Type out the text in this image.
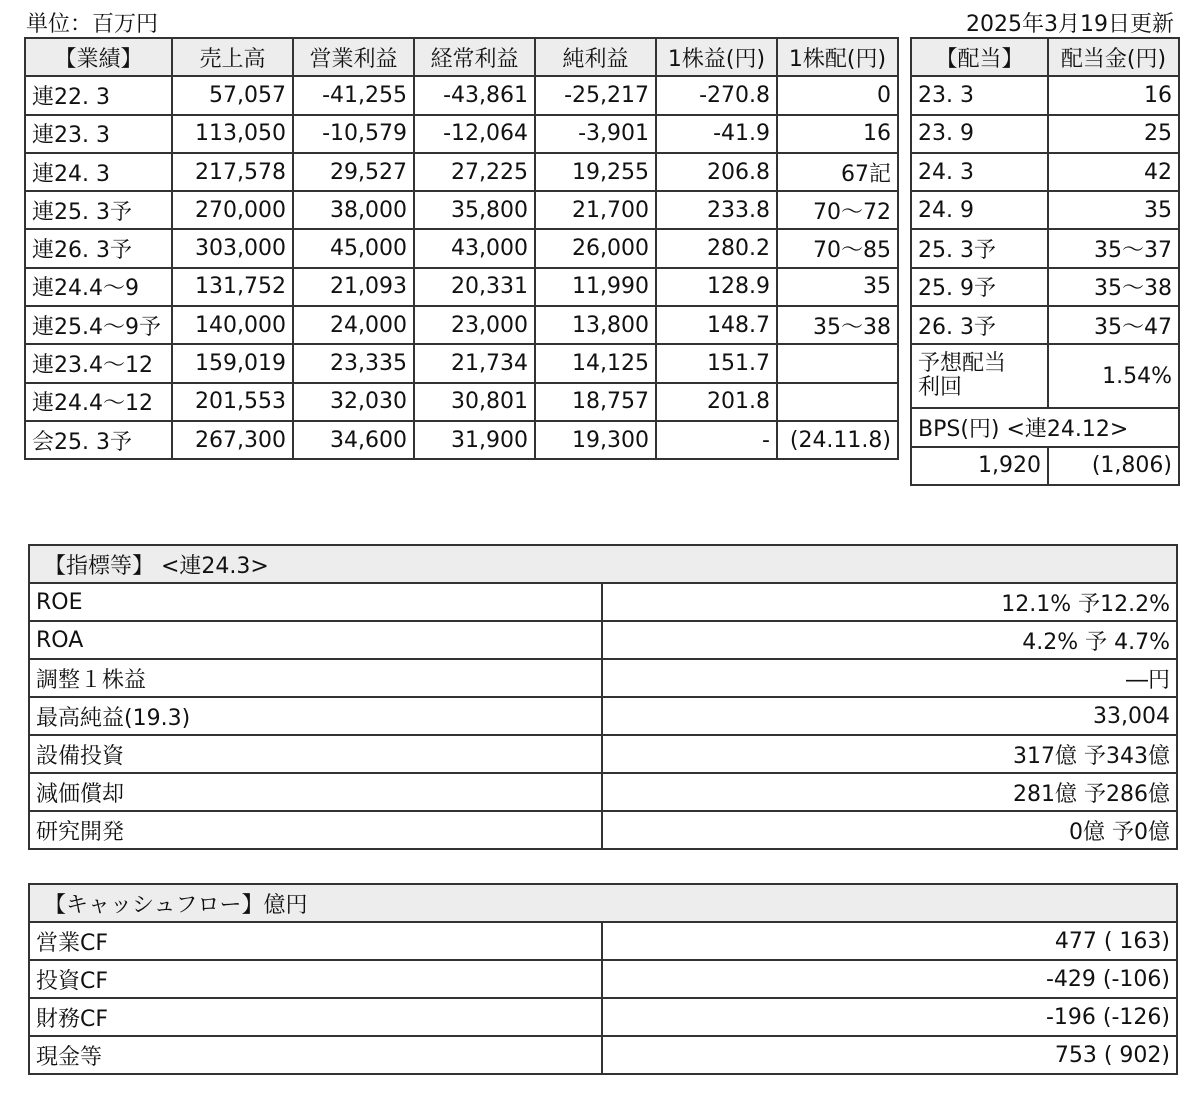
単位：百万円	2025年3月19日更新
【業績】	売上高	営業利益	経常利益	純利益	1株益(円)	1株配(円)
連22. 3	57,057	-41,255	-43,861	-25,217	-270.8	0
連23. 3	113,050	-10,579	-12,064	-3,901	-41.9	16
連24. 3	217,578	29,527	27,225	19,255	206.8	67記
連25. 3予	270,000	38,000	35,800	21,700	233.8	70〜72
連26. 3予	303,000	45,000	43,000	26,000	280.2	70〜85
連24.4〜9	131,752	21,093	20,331	11,990	128.9	35
連25.4〜9予	140,000	24,000	23,000	13,800	148.7	35〜38
連23.4〜12	159,019	23,335	21,734	14,125	151.7	
連24.4〜12	201,553	32,030	30,801	18,757	201.8	
会25. 3予	267,300	34,600	31,900	19,300	-	(24.11.8)
【配当】	配当金(円)
23. 3	16
23. 9	25
24. 3	42
24. 9	35
25. 3予	35〜37
25. 9予	35〜38
26. 3予	35〜47

予想配当
利回	1.54%
BPS(円) <連24.12>	
1,920	(1,806)
【指標等】 <連24.3>	
ROE	12.1% 予12.2%
ROA	4.2% 予 4.7%
調整１株益	―円
最高純益(19.3)	33,004
設備投資	317億 予343億
減価償却	281億 予286億
研究開発	0億 予0億
【キャッシュフロー】億円	
営業CF	477 ( 163)
投資CF	-429 (-106)
財務CF	-196 (-126)
現金等	753 ( 902)
